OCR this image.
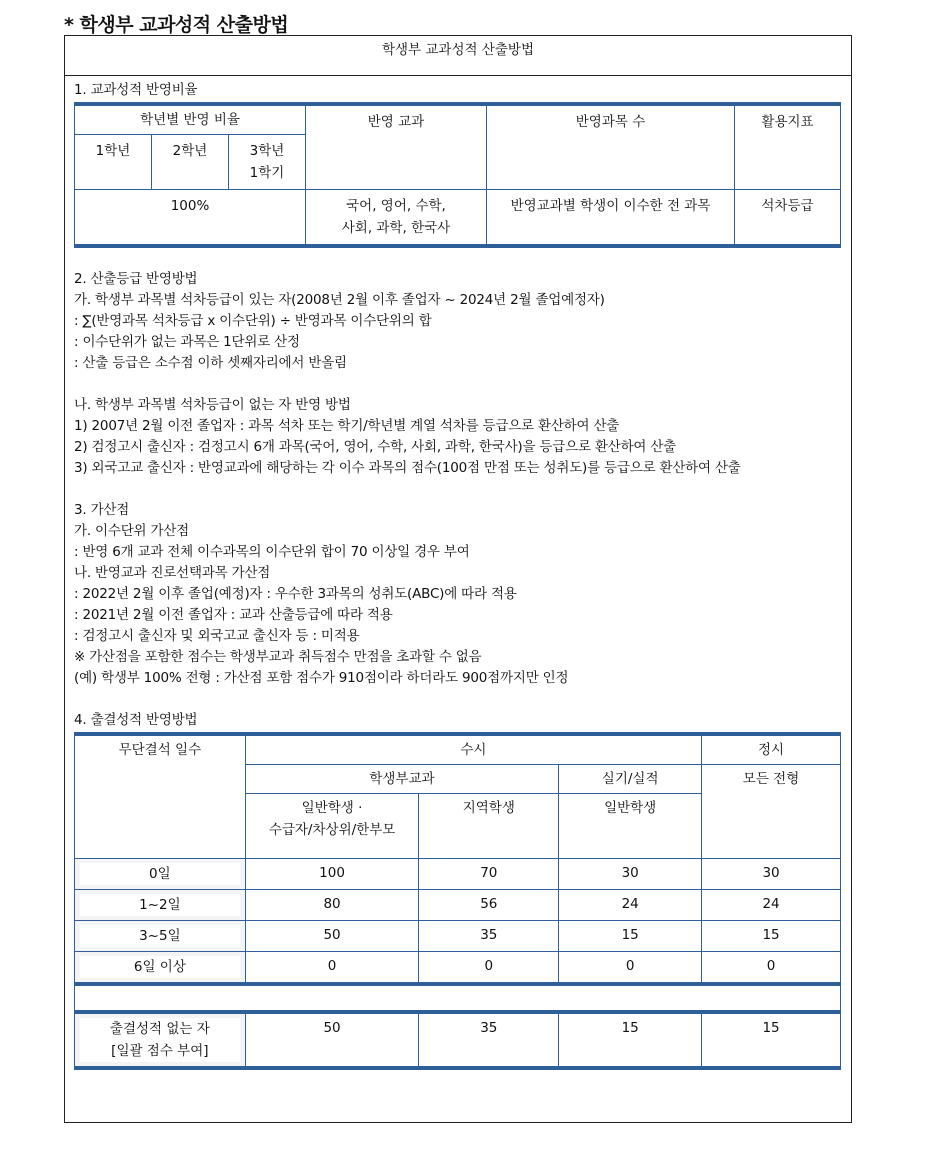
* 학생부 교과성적 산출방법
학생부 교과성적 산출방법
1. 교과성적 반영비율
학년별 반영 비율			반영 교과	반영과목 수	활용지표
1학년	2학년	3학년
1학기			

100%			국어, 영어, 수학,
사회, 과학, 한국사	반영교과별 학생이 이수한 전 과목	석차등급
2. 산출등급 반영방법
가. 학생부 과목별 석차등급이 있는 자(2008년 2월 이후 졸업자 ~ 2024년 2월 졸업예정자)
: ∑(반영과목 석차등급 x 이수단위) ÷ 반영과목 이수단위의 합
: 이수단위가 없는 과목은 1단위로 산정
: 산출 등급은 소수점 이하 셋째자리에서 반올림
나. 학생부 과목별 석차등급이 없는 자 반영 방법
1) 2007년 2월 이전 졸업자 : 과목 석차 또는 학기/학년별 계열 석차를 등급으로 환산하여 산출
2) 검정고시 출신자 : 검정고시 6개 과목(국어, 영어, 수학, 사회, 과학, 한국사)을 등급으로 환산하여 산출
3) 외국고교 출신자 : 반영교과에 해당하는 각 이수 과목의 점수(100점 만점 또는 성취도)를 등급으로 환산하여 산출
3. 가산점
가. 이수단위 가산점
: 반영 6개 교과 전체 이수과목의 이수단위 합이 70 이상일 경우 부여
나. 반영교과 진로선택과목 가산점
: 2022년 2월 이후 졸업(예정)자 : 우수한 3과목의 성취도(ABC)에 따라 적용
: 2021년 2월 이전 졸업자 : 교과 산출등급에 따라 적용
: 검정고시 출신자 및 외국고교 출신자 등 : 미적용
※ 가산점을 포함한 점수는 학생부교과 취득점수 만점을 초과할 수 없음
(예) 학생부 100% 전형 : 가산점 포함 점수가 910점이라 하더라도 900점까지만 인정
4. 출결성적 반영방법
무단결석 일수	수시			정시
	학생부교과		실기/실적	모든 전형

	일반학생 ·
수급자/차상위/한부모	지역학생	일반학생	

0일	100	70	30	30

1~2일	80	56	24	24

3~5일	50	35	15	15

6일 이상	0	0	0	0

출결성적 없는 자
[일괄 점수 부여]	50	35	15	15
